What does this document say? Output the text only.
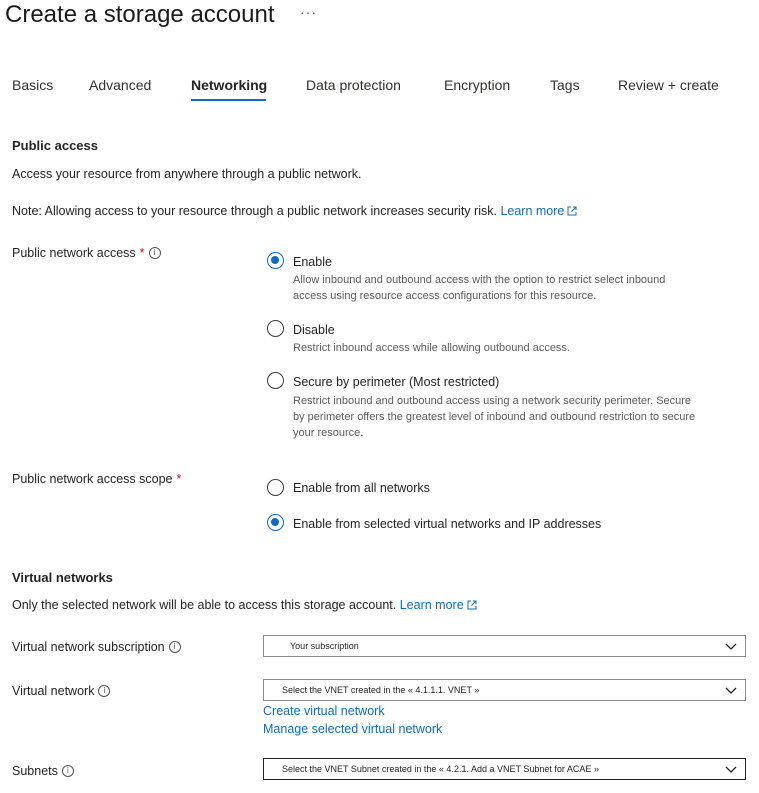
Create a storage account ···
Basics	Advanced	Networking	Data protection	Encryption	Tags	Review + create
Public access
Access your resource from anywhere through a public network.
Note: Allowing access to your resource through a public network increases security risk. Learn more
Public network access *	i
Enable
Allow inbound and outbound access with the option to restrict select inbound
access using resource access configurations for this resource.
Disable
Restrict inbound access while allowing outbound access.
Secure by perimeter (Most restricted)
Restrict inbound and outbound access using a network security perimeter. Secure
by perimeter offers the greatest level of inbound and outbound restriction to secure
your resource.
Public network access scope *
Enable from all networks
Enable from selected virtual networks and IP addresses
Virtual networks
Only the selected network will be able to access this storage account. Learn more
Virtual network subscription	i	Your subscription
Virtual network	i	Select the VNET created in the « 4.1.1.1. VNET »
Create virtual network
Manage selected virtual network
Subnets	i	Select the VNET Subnet created in the « 4.2.1. Add a VNET Subnet for ACAE »
